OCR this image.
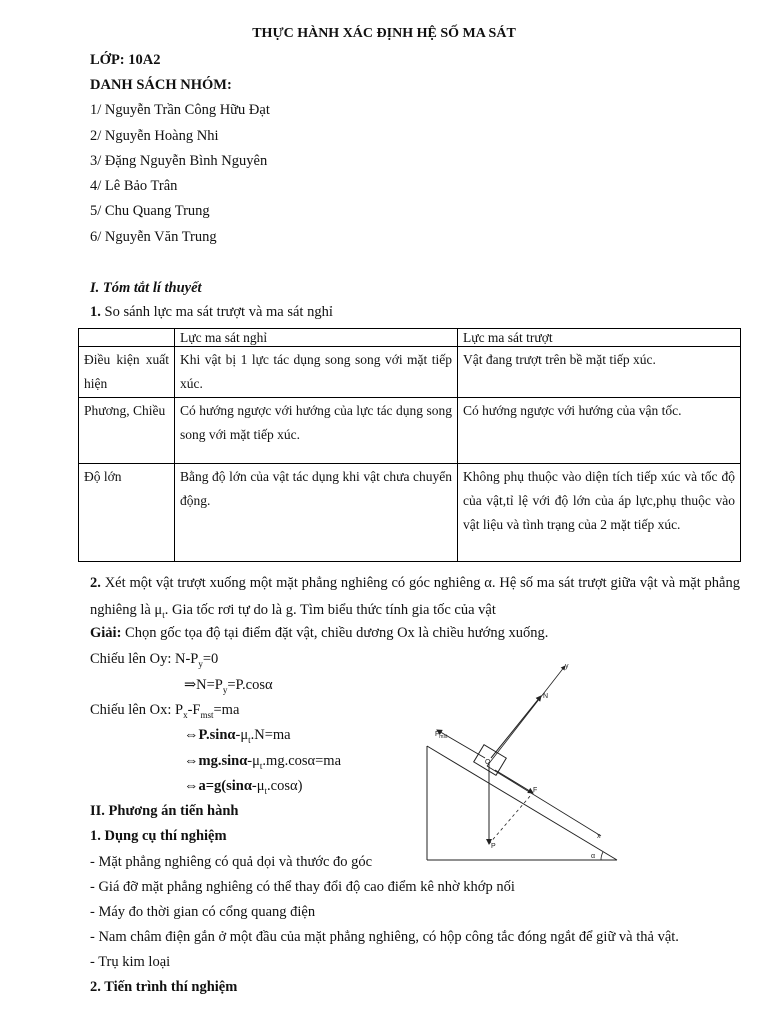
THỰC HÀNH XÁC ĐỊNH HỆ SỐ MA SÁT
LỚP: 10A2
DANH SÁCH NHÓM:
1/ Nguyễn Trần Công Hữu Đạt
2/ Nguyễn Hoàng Nhi
3/ Đặng Nguyễn Bình Nguyên
4/ Lê Bảo Trân
5/ Chu Quang Trung
6/ Nguyễn Văn Trung
I. Tóm tắt lí thuyết
1. So sánh lực ma sát trượt và ma sát nghỉ
	Lực ma sát nghỉ	Lực ma sát trượt
Điều kiện xuất hiện	Khi vật bị 1 lực tác dụng song song với mặt tiếp xúc.	Vật đang trượt trên bề mặt tiếp xúc.
Phương, Chiều	Có hướng ngược với hướng của lực tác dụng song song với mặt tiếp xúc.	Có hướng ngược với hướng của vận tốc.
Độ lớn	Bằng độ lớn của vật tác dụng khi vật chưa chuyển động.	Không phụ thuộc vào diện tích tiếp xúc và tốc độ của vật,tỉ lệ với độ lớn của áp lực,phụ thuộc vào vật liệu và tình trạng của 2 mặt tiếp xúc.
2. Xét một vật trượt xuống một mặt phẳng nghiêng có góc nghiêng α. Hệ số ma sát trượt giữa vật và mặt phẳng nghiêng là $\mu_t$. Gia tốc rơi tự do là g. Tìm biểu thức tính gia tốc của vật
Giải: Chọn gốc tọa độ tại điểm đặt vật, chiều dương Ox là chiều hướng xuống.
Chiếu lên Oy: $N-P_y=0$
$\Rightarrow N=P_y=P.\cos\alpha$
Chiếu lên Ox: $P_x-F_{mst}=ma$
$\Leftrightarrow P.\sin\alpha-\mu_t.N=ma$
$\Leftrightarrow mg.\sin\alpha-\mu_t.mg.\cos\alpha=ma$
$\Leftrightarrow a=g(\sin\alpha-\mu_t.\cos\alpha)$
II. Phương án tiến hành
1. Dụng cụ thí nghiệm
- Mặt phẳng nghiêng có quả dọi và thước đo góc
- Giá đỡ mặt phẳng nghiêng có thể thay đổi độ cao điểm kê nhờ khớp nối
- Máy đo thời gian có cổng quang điện
- Nam châm điện gắn ở một đầu của mặt phẳng nghiêng, có hộp công tắc đóng ngắt để giữ và thả vật.
- Trụ kim loại
2. Tiến trình thí nghiệm
y
N
$F_{mst}$
O
F
P
x
α
